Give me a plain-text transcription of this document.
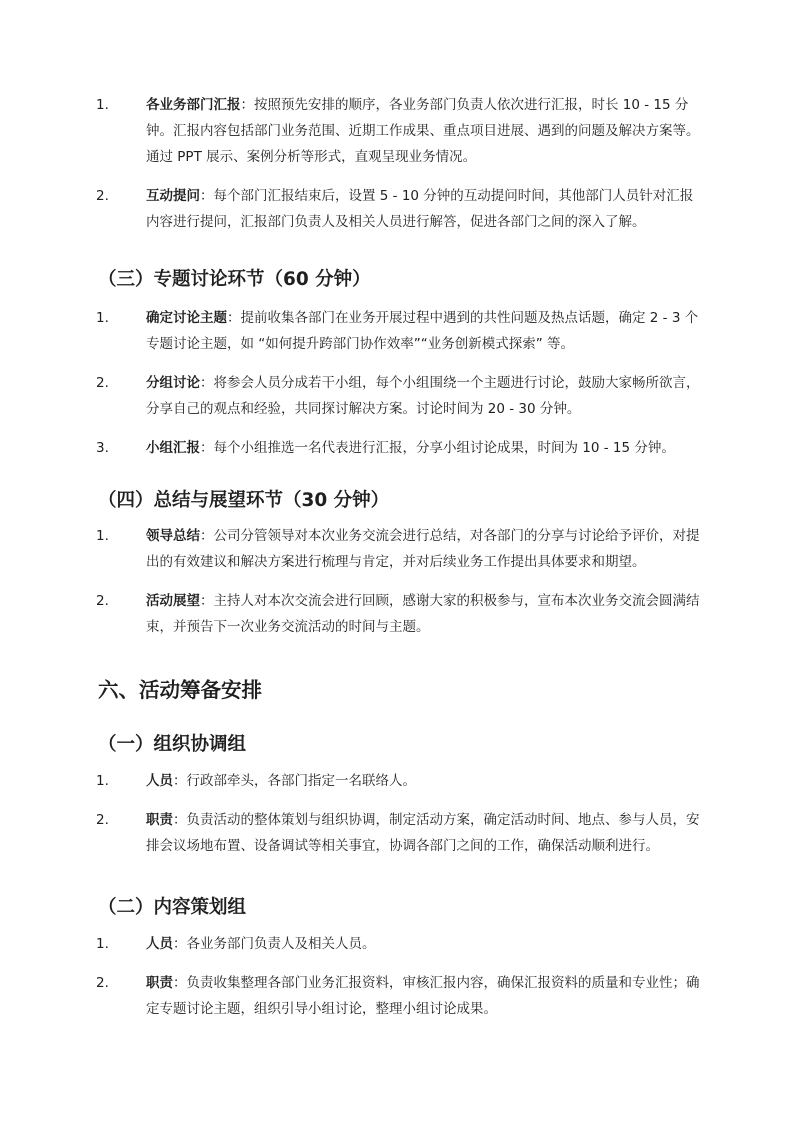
1.	各业务部门汇报：按照预先安排的顺序，各业务部门负责人依次进行汇报，时长 10 - 15 分钟。汇报内容包括部门业务范围、近期工作成果、重点项目进展、遇到的问题及解决方案等。通过 PPT 展示、案例分析等形式，直观呈现业务情况。
2.	互动提问：每个部门汇报结束后，设置 5 - 10 分钟的互动提问时间，其他部门人员针对汇报内容进行提问，汇报部门负责人及相关人员进行解答，促进各部门之间的深入了解。
（三）专题讨论环节（60 分钟）
1.	确定讨论主题：提前收集各部门在业务开展过程中遇到的共性问题及热点话题，确定 2 - 3 个专题讨论主题，如 “如何提升跨部门协作效率”“业务创新模式探索” 等。
2.	分组讨论：将参会人员分成若干小组，每个小组围绕一个主题进行讨论，鼓励大家畅所欲言，分享自己的观点和经验，共同探讨解决方案。讨论时间为 20 - 30 分钟。
3.	小组汇报：每个小组推选一名代表进行汇报，分享小组讨论成果，时间为 10 - 15 分钟。
（四）总结与展望环节（30 分钟）
1.	领导总结：公司分管领导对本次业务交流会进行总结，对各部门的分享与讨论给予评价，对提出的有效建议和解决方案进行梳理与肯定，并对后续业务工作提出具体要求和期望。
2.	活动展望：主持人对本次交流会进行回顾，感谢大家的积极参与，宣布本次业务交流会圆满结束，并预告下一次业务交流活动的时间与主题。
六、活动筹备安排
（一）组织协调组
1.	人员：行政部牵头，各部门指定一名联络人。
2.	职责：负责活动的整体策划与组织协调，制定活动方案，确定活动时间、地点、参与人员，安排会议场地布置、设备调试等相关事宜，协调各部门之间的工作，确保活动顺利进行。
（二）内容策划组
1.	人员：各业务部门负责人及相关人员。
2.	职责：负责收集整理各部门业务汇报资料，审核汇报内容，确保汇报资料的质量和专业性；确定专题讨论主题，组织引导小组讨论，整理小组讨论成果。
